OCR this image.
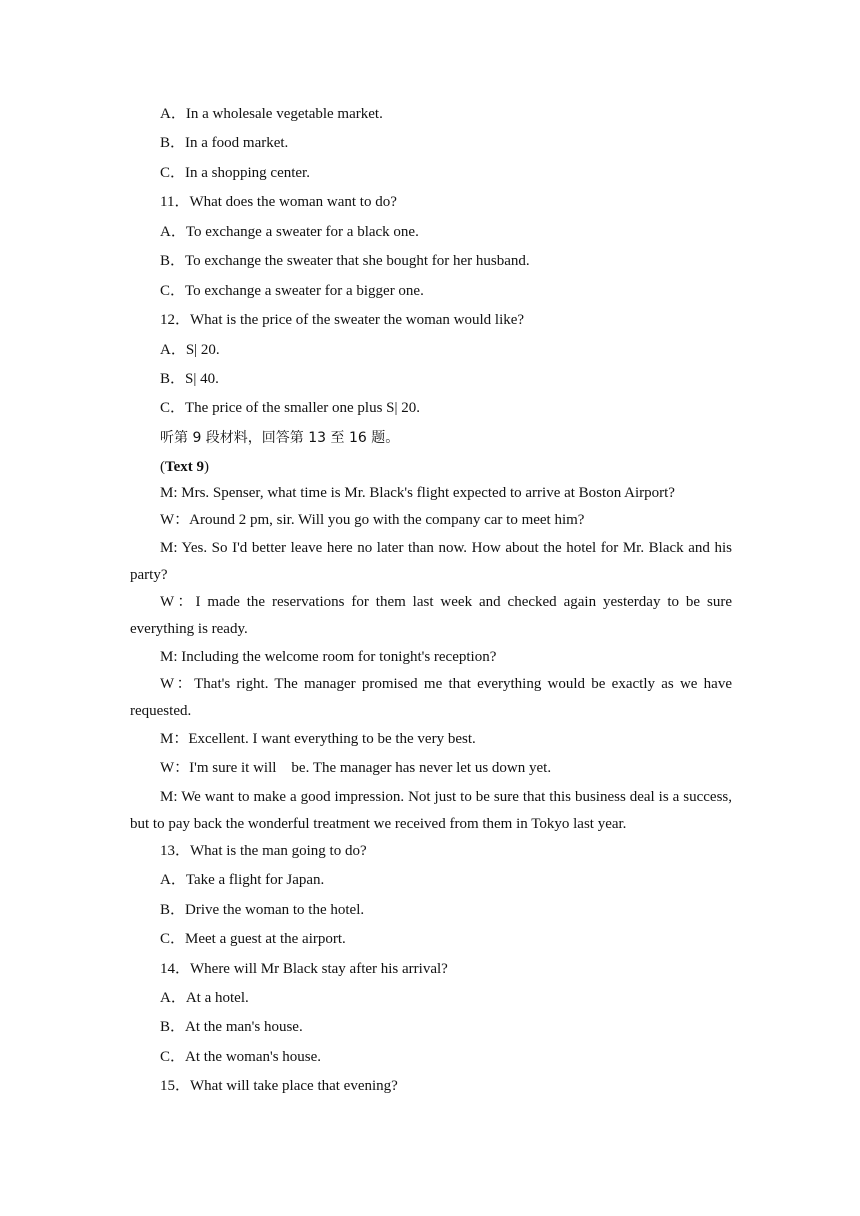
A．In a wholesale vegetable market.
B．In a food market.
C．In a shopping center.
11．What does the woman want to do?
A．To exchange a sweater for a black one.
B．To exchange the sweater that she bought for her husband.
C．To exchange a sweater for a bigger one.
12．What is the price of the sweater the woman would like?
A．S| 20.
B．S| 40.
C．The price of the smaller one plus S| 20.
听第 9 段材料，回答第 13 至 16 题。
(Text 9)
M: Mrs. Spenser, what time is Mr. Black's flight expected to arrive at Boston Airport?
W：Around 2 pm, sir. Will you go with the company car to meet him?
M: Yes. So I'd better leave here no later than now. How about the hotel for Mr. Black and his party?
W：I made the reservations for them last week and checked again yesterday to be sure everything is ready.
M: Including the welcome room for tonight's reception?
W：That's right. The manager promised me that everything would be exactly as we have requested.
M：Excellent. I want everything to be the very best.
W：I'm sure it will　be. The manager has never let us down yet.
M: We want to make a good impression. Not just to be sure that this business deal is a success, but to pay back the wonderful treatment we received from them in Tokyo last year.
13．What is the man going to do?
A．Take a flight for Japan.
B．Drive the woman to the hotel.
C．Meet a guest at the airport.
14．Where will Mr Black stay after his arrival?
A．At a hotel.
B．At the man's house.
C．At the woman's house.
15．What will take place that evening?
